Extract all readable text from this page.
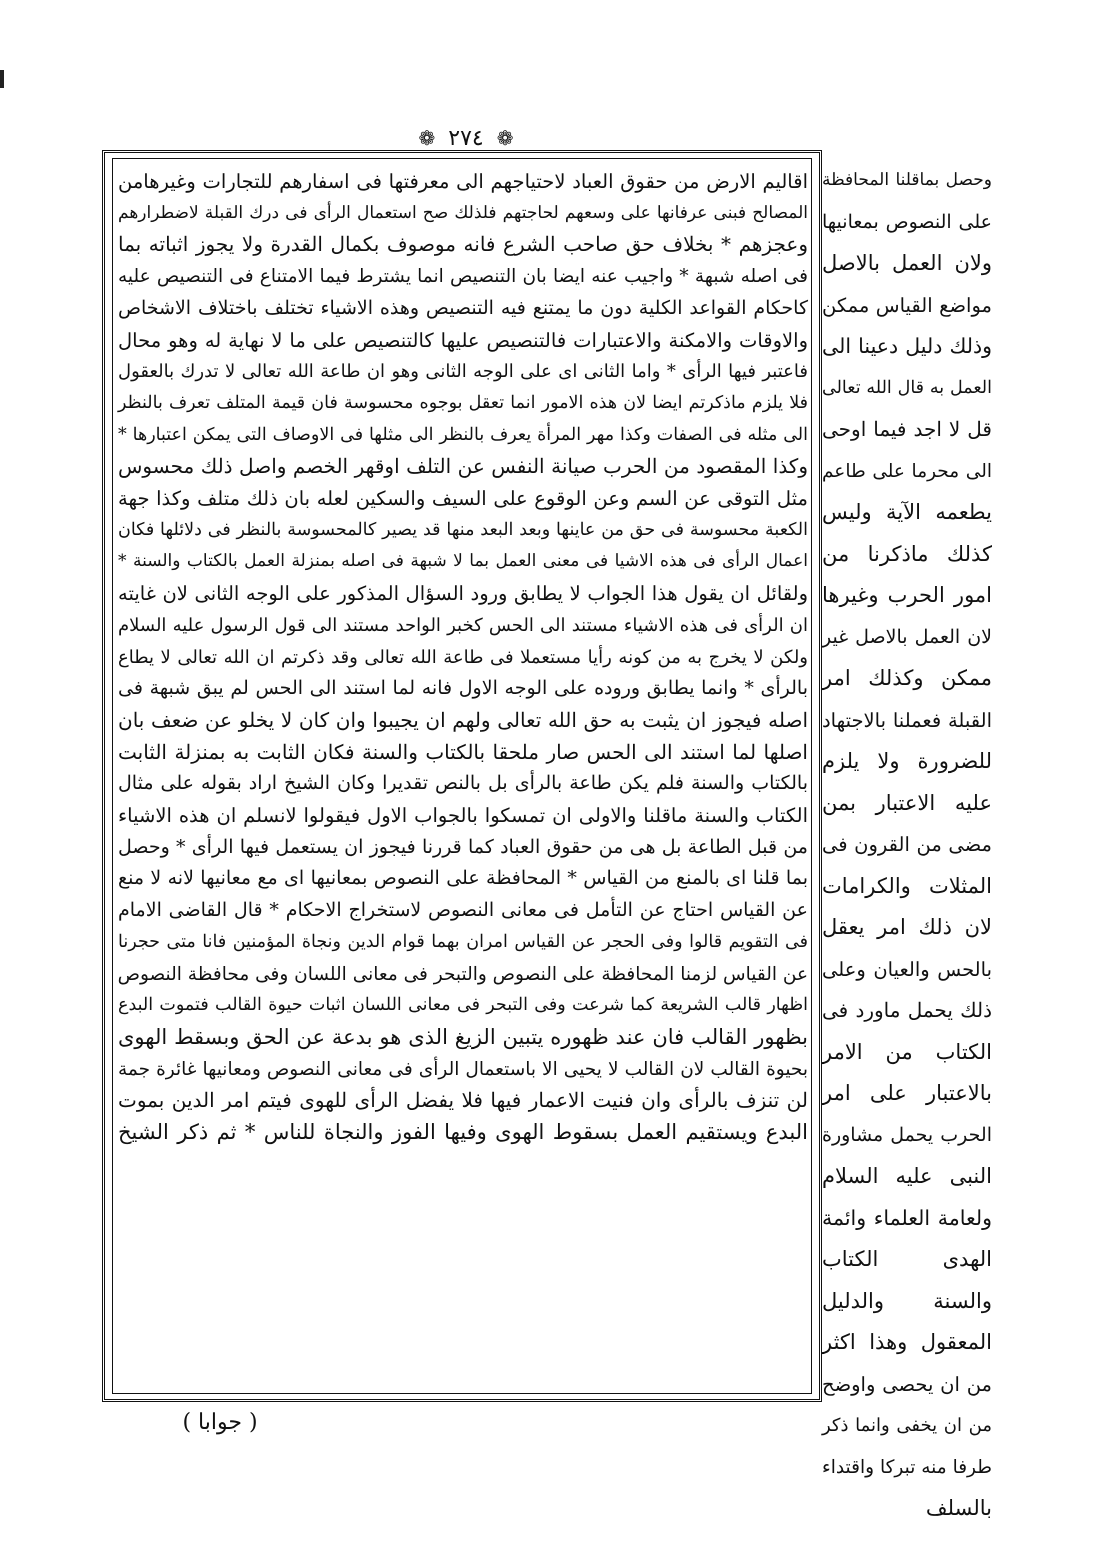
❁ ٢٧٤ ❁
اقاليم الارض من حقوق العباد لاحتياجهم الى معرفتها فى اسفارهم للتجارات وغيرهامن
المصالح فبنى عرفانها على وسعهم لحاجتهم فلذلك صح استعمال الرأى فى درك القبلة لاضطرارهم
وعجزهم * بخلاف حق صاحب الشرع فانه موصوف بكمال القدرة ولا يجوز اثباته بما
فى اصله شبهة * واجيب عنه ايضا بان التنصيص انما يشترط فيما الامتناع فى التنصيص عليه
كاحكام القواعد الكلية دون ما يمتنع فيه التنصيص وهذه الاشياء تختلف باختلاف الاشخاص
والاوقات والامكنة والاعتبارات فالتنصيص عليها كالتنصيص على ما لا نهاية له وهو محال
فاعتبر فيها الرأى * واما الثانى اى على الوجه الثانى وهو ان طاعة الله تعالى لا تدرك بالعقول
فلا يلزم ماذكرتم ايضا لان هذه الامور انما تعقل بوجوه محسوسة فان قيمة المتلف تعرف بالنظر
الى مثله فى الصفات وكذا مهر المرأة يعرف بالنظر الى مثلها فى الاوصاف التى يمكن اعتبارها *
وكذا المقصود من الحرب صيانة النفس عن التلف اوقهر الخصم واصل ذلك محسوس
مثل التوقى عن السم وعن الوقوع على السيف والسكين لعله بان ذلك متلف وكذا جهة
الكعبة محسوسة فى حق من عاينها وبعد البعد منها قد يصير كالمحسوسة بالنظر فى دلائلها فكان
اعمال الرأى فى هذه الاشيا فى معنى العمل بما لا شبهة فى اصله بمنزلة العمل بالكتاب والسنة *
ولقائل ان يقول هذا الجواب لا يطابق ورود السؤال المذكور على الوجه الثانى لان غايته
ان الرأى فى هذه الاشياء مستند الى الحس كخبر الواحد مستند الى قول الرسول عليه السلام
ولكن لا يخرج به من كونه رأيا مستعملا فى طاعة الله تعالى وقد ذكرتم ان الله تعالى لا يطاع
بالرأى * وانما يطابق وروده على الوجه الاول فانه لما استند الى الحس لم يبق شبهة فى
اصله فيجوز ان يثبت به حق الله تعالى ولهم ان يجيبوا وان كان لا يخلو عن ضعف بان
اصلها لما استند الى الحس صار ملحقا بالكتاب والسنة فكان الثابت به بمنزلة الثابت
بالكتاب والسنة فلم يكن طاعة بالرأى بل بالنص تقديرا وكان الشيخ اراد بقوله على مثال
الكتاب والسنة ماقلنا والاولى ان تمسكوا بالجواب الاول فيقولوا لانسلم ان هذه الاشياء
من قبل الطاعة بل هى من حقوق العباد كما قررنا فيجوز ان يستعمل فيها الرأى * وحصل
بما قلنا اى بالمنع من القياس * المحافظة على النصوص بمعانيها اى مع معانيها لانه لا منع
عن القياس احتاج عن التأمل فى معانى النصوص لاستخراج الاحكام * قال القاضى الامام
فى التقويم قالوا وفى الحجر عن القياس امران بهما قوام الدين ونجاة المؤمنين فانا متى حجرنا
عن القياس لزمنا المحافظة على النصوص والتبحر فى معانى اللسان وفى محافظة النصوص
اظهار قالب الشريعة كما شرعت وفى التبحر فى معانى اللسان اثبات حيوة القالب فتموت البدع
بظهور القالب فان عند ظهوره يتبين الزيغ الذى هو بدعة عن الحق وبسقط الهوى
بحيوة القالب لان القالب لا يحيى الا باستعمال الرأى فى معانى النصوص ومعانيها غائرة جمة
لن تنزف بالرأى وان فنيت الاعمار فيها فلا يفضل الرأى للهوى فيتم امر الدين بموت
البدع ويستقيم العمل بسقوط الهوى وفيها الفوز والنجاة للناس * ثم ذكر الشيخ
وحصل بماقلنا المحافظة
على النصوص بمعانيها
ولان العمل بالاصل
مواضع القياس ممكن
وذلك دليل دعينا الى
العمل به قال الله تعالى
قل لا اجد فيما اوحى
الى محرما على طاعم
يطعمه الآية وليس
كذلك ماذكرنا من
امور الحرب وغيرها
لان العمل بالاصل غير
ممكن وكذلك امر
القبلة فعملنا بالاجتهاد
للضرورة ولا يلزم
عليه الاعتبار بمن
مضى من القرون فى
المثلات والكرامات
لان ذلك امر يعقل
بالحس والعيان وعلى
ذلك يحمل ماورد فى
الكتاب من الامر
بالاعتبار على امر
الحرب يحمل مشاورة
النبى عليه السلام
ولعامة العلماء وائمة
الهدى الكتاب
والسنة والدليل
المعقول وهذا اكثر
من ان يحصى واوضح
من ان يخفى وانما ذكر
طرفا منه تبركا واقتداء
بالسلف
( جوابا )
